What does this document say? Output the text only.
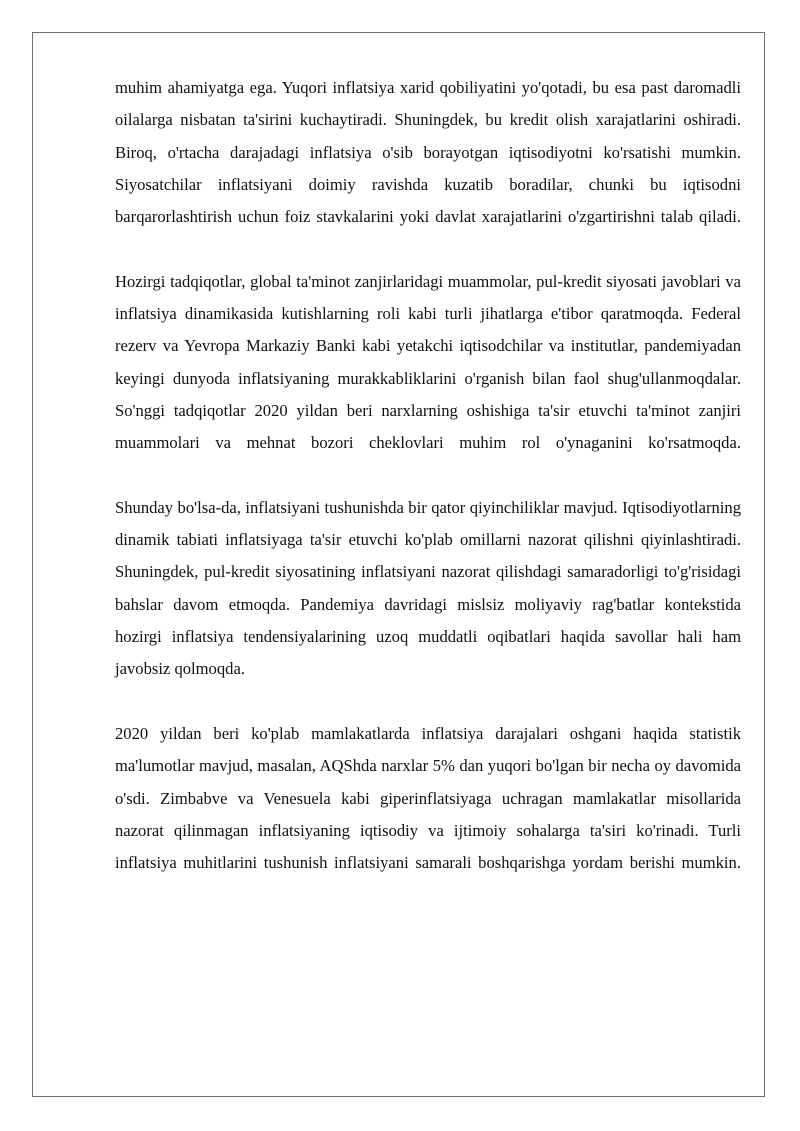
muhim ahamiyatga ega. Yuqori inflatsiya xarid qobiliyatini yo'qotadi, bu esa past daromadli oilalarga nisbatan ta'sirini kuchaytiradi. Shuningdek, bu kredit olish xarajatlarini oshiradi. Biroq, o'rtacha darajadagi inflatsiya o'sib borayotgan iqtisodiyotni ko'rsatishi mumkin. Siyosatchilar inflatsiyani doimiy ravishda kuzatib boradilar, chunki bu iqtisodni barqarorlashtirish uchun foiz stavkalarini yoki davlat xarajatlarini o'zgartirishni talab qiladi.

Hozirgi tadqiqotlar, global ta'minot zanjirlaridagi muammolar, pul-kredit siyosati javoblari va inflatsiya dinamikasida kutishlarning roli kabi turli jihatlarga e'tibor qaratmoqda. Federal rezerv va Yevropa Markaziy Banki kabi yetakchi iqtisodchilar va institutlar, pandemiyadan keyingi dunyoda inflatsiyaning murakkabliklarini o'rganish bilan faol shug'ullanmoqdalar. So'nggi tadqiqotlar 2020 yildan beri narxlarning oshishiga ta'sir etuvchi ta'minot zanjiri muammolari va mehnat bozori cheklovlari muhim rol o'ynaganini ko'rsatmoqda.

Shunday bo'lsa-da, inflatsiyani tushunishda bir qator qiyinchiliklar mavjud. Iqtisodiyotlarning dinamik tabiati inflatsiyaga ta'sir etuvchi ko'plab omillarni nazorat qilishni qiyinlashtiradi. Shuningdek, pul-kredit siyosatining inflatsiyani nazorat qilishdagi samaradorligi to'g'risidagi bahslar davom etmoqda. Pandemiya davridagi mislsiz moliyaviy rag'batlar kontekstida hozirgi inflatsiya tendensiyalarining uzoq muddatli oqibatlari haqida savollar hali ham javobsiz qolmoqda.

2020 yildan beri ko'plab mamlakatlarda inflatsiya darajalari oshgani haqida statistik ma'lumotlar mavjud, masalan, AQShda narxlar 5% dan yuqori bo'lgan bir necha oy davomida o'sdi. Zimbabve va Venesuela kabi giperinflatsiyaga uchragan mamlakatlar misollarida nazorat qilinmagan inflatsiyaning iqtisodiy va ijtimoiy sohalarga ta'siri ko'rinadi. Turli inflatsiya muhitlarini tushunish inflatsiyani samarali boshqarishga yordam berishi mumkin.
